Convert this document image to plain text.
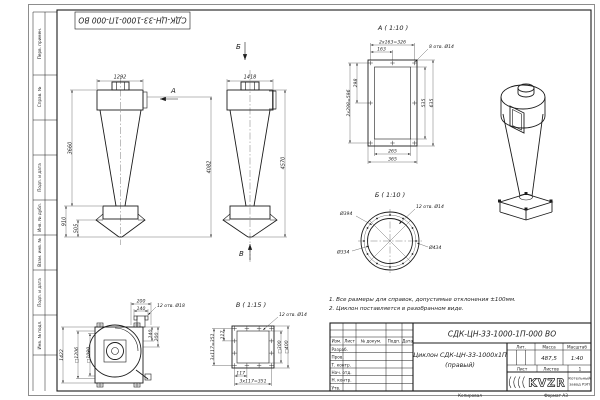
Перв. примен.
Справ. №
Подп. и дата
Инв. № дубл.
Взам. инв. №
Подп. и дата
Инв. № подл.
СДК-ЦН-33-1000-1П-000 ВО
1292
3660
4082
910
505
А
Б
В
1418
4570
А ( 1:10 )
163
2х163=326
298
2х298=596	535 635
265
365
8 отв. Ø14
Б ( 1:10 )
Ø394
Ø334
Ø434
12 отв. Ø14
В ( 1:15 )
117
3х117=351
117
3х117=351
□300 □400
12 отв. Ø14
200
140
12 отв. Ø18
140 200
1422 □1206 □1080
1. Все размеры для справок, допустимые отклонения ±100мм.
2. Циклон поставляется в разобранном виде.
СДК-ЦН-33-1000-1П-000 ВО
Циклон СДК-ЦН-33-1000х1П
(правый)
Изм. Лист № докум. Подп. Дата
Разраб.
Пров.
Т. контр.
Нач. отд.
Н. контр.
Утв.
Лит.	Масса	Масштаб
487,5	1:40
Лист	Листов	1
KVZR Котельный
завод РЭП
Копировал	Формат А3
